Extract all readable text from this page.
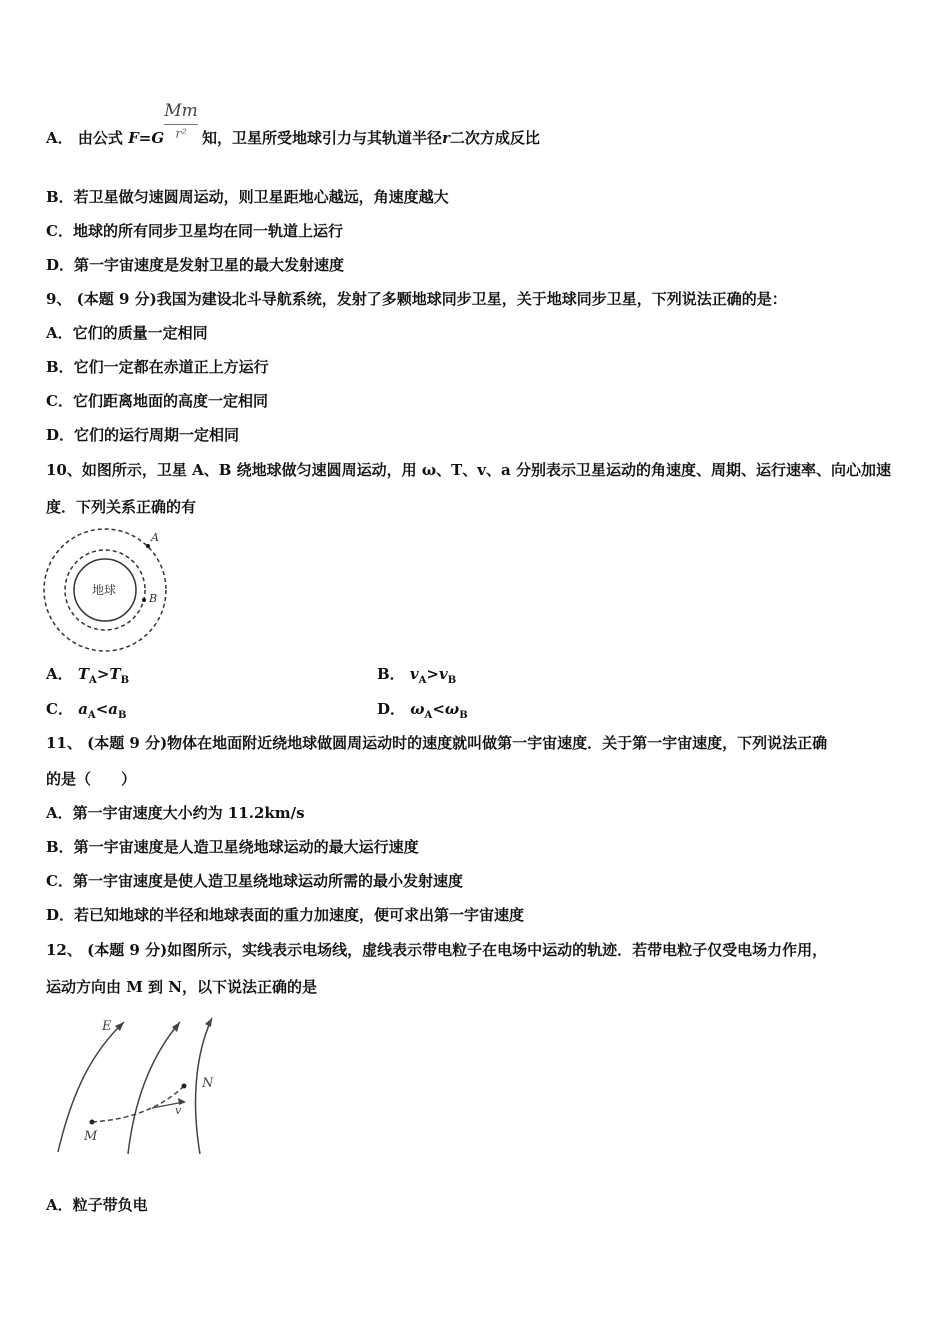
A． 由公式 F=G
Mm
r²	知，卫星所受地球引力与其轨道半径r二次方成反比
B．若卫星做匀速圆周运动，则卫星距地心越远，角速度越大
C．地球的所有同步卫星均在同一轨道上运行
D．第一宇宙速度是发射卫星的最大发射速度
9、 (本题 9 分)我国为建设北斗导航系统，发射了多颗地球同步卫星，关于地球同步卫星，下列说法正确的是：
A．它们的质量一定相同
B．它们一定都在赤道正上方运行
C．它们距离地面的高度一定相同
D．它们的运行周期一定相同
10、如图所示，卫星 A、B 绕地球做匀速圆周运动，用 ω、T、v、a 分别表示卫星运动的角速度、周期、运行速率、向心加速
度．下列关系正确的有
地球
A
B
A． $T_A>T_B$	B． $v_A>v_B$
C． $a_A<a_B$	D． $\omega_A<\omega_B$
11、 (本题 9 分)物体在地面附近绕地球做圆周运动时的速度就叫做第一宇宙速度．关于第一宇宙速度，下列说法正确
的是（　　）
A．第一宇宙速度大小约为 11.2km/s
B．第一宇宙速度是人造卫星绕地球运动的最大运行速度
C．第一宇宙速度是使人造卫星绕地球运动所需的最小发射速度
D．若已知地球的半径和地球表面的重力加速度，便可求出第一宇宙速度
12、 (本题 9 分)如图所示，实线表示电场线，虚线表示带电粒子在电场中运动的轨迹．若带电粒子仅受电场力作用，
运动方向由 M 到 N，以下说法正确的是
E
M
N
v
A．粒子带负电
